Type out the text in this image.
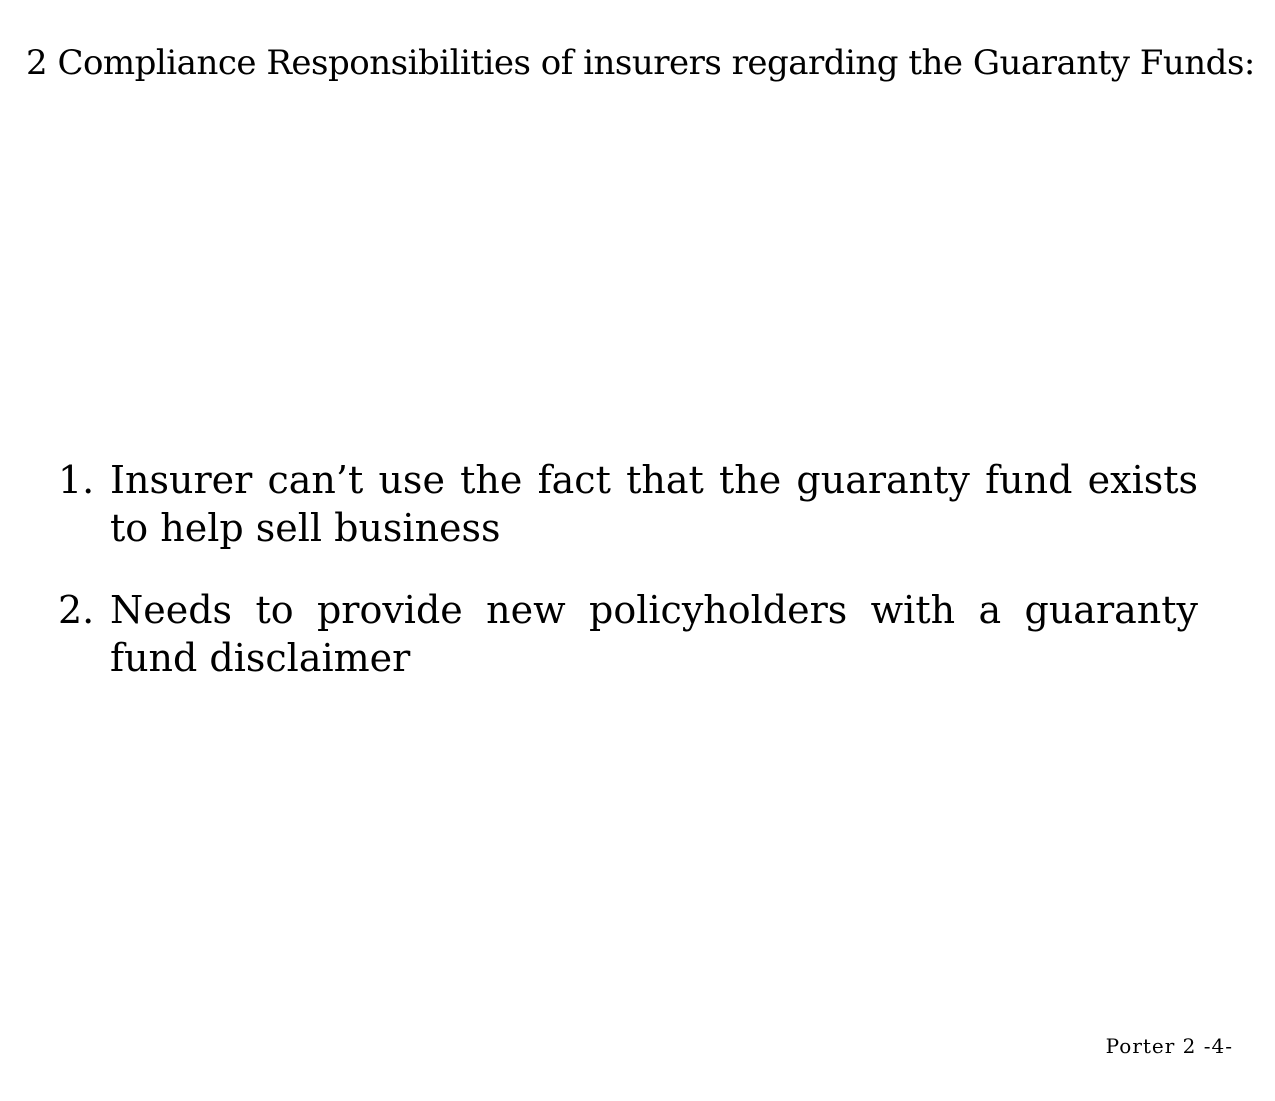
2 Compliance Responsibilities of insurers regarding the Guaranty Funds:
1. Insurer can’t use the fact that the guaranty fund exists to help sell business
2. Needs to provide new policyholders with a guaranty fund disclaimer
Porter 2 -4-
